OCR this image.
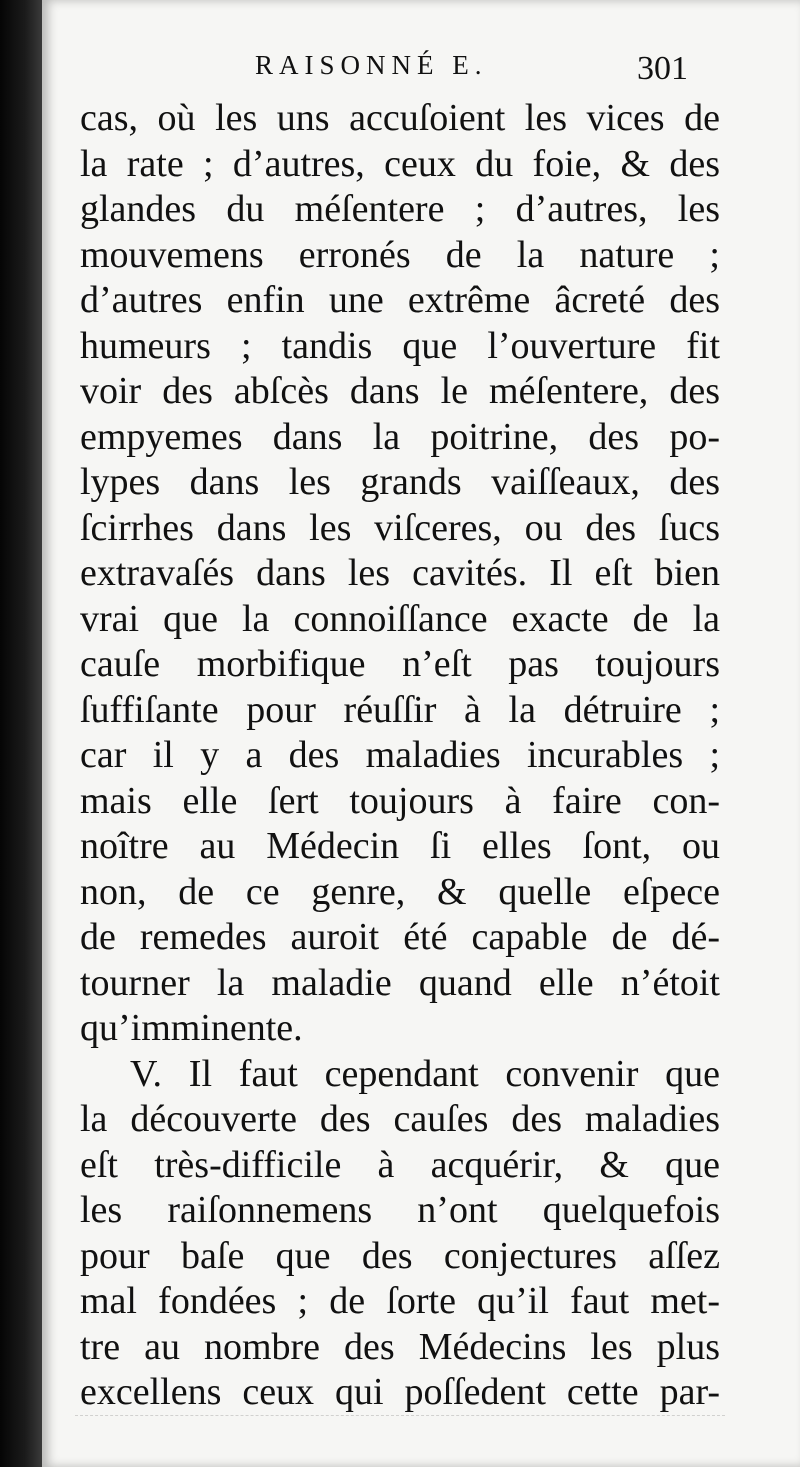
RAISONNÉ E.	301
cas, où les uns accuſoient les vices de
la rate ; d’autres, ceux du foie, & des
glandes du méſentere ; d’autres, les
mouvemens erronés de la nature ;
d’autres enfin une extrême âcreté des
humeurs ; tandis que l’ouverture fit
voir des abſcès dans le méſentere, des
empyemes dans la poitrine, des po-
lypes dans les grands vaiſſeaux, des
ſcirrhes dans les viſceres, ou des ſucs
extravaſés dans les cavités. Il eſt bien
vrai que la connoiſſance exacte de la
cauſe morbifique n’eſt pas toujours
ſuffiſante pour réuſſir à la détruire ;
car il y a des maladies incurables ;
mais elle ſert toujours à faire con-
noître au Médecin ſi elles ſont, ou
non, de ce genre, & quelle eſpece
de remedes auroit été capable de dé-
tourner la maladie quand elle n’étoit
qu’imminente.
V. Il faut cependant convenir que
la découverte des cauſes des maladies
eſt très-difficile à acquérir, & que
les raiſonnemens n’ont quelquefois
pour baſe que des conjectures aſſez
mal fondées ; de ſorte qu’il faut met-
tre au nombre des Médecins les plus
excellens ceux qui poſſedent cette par-
